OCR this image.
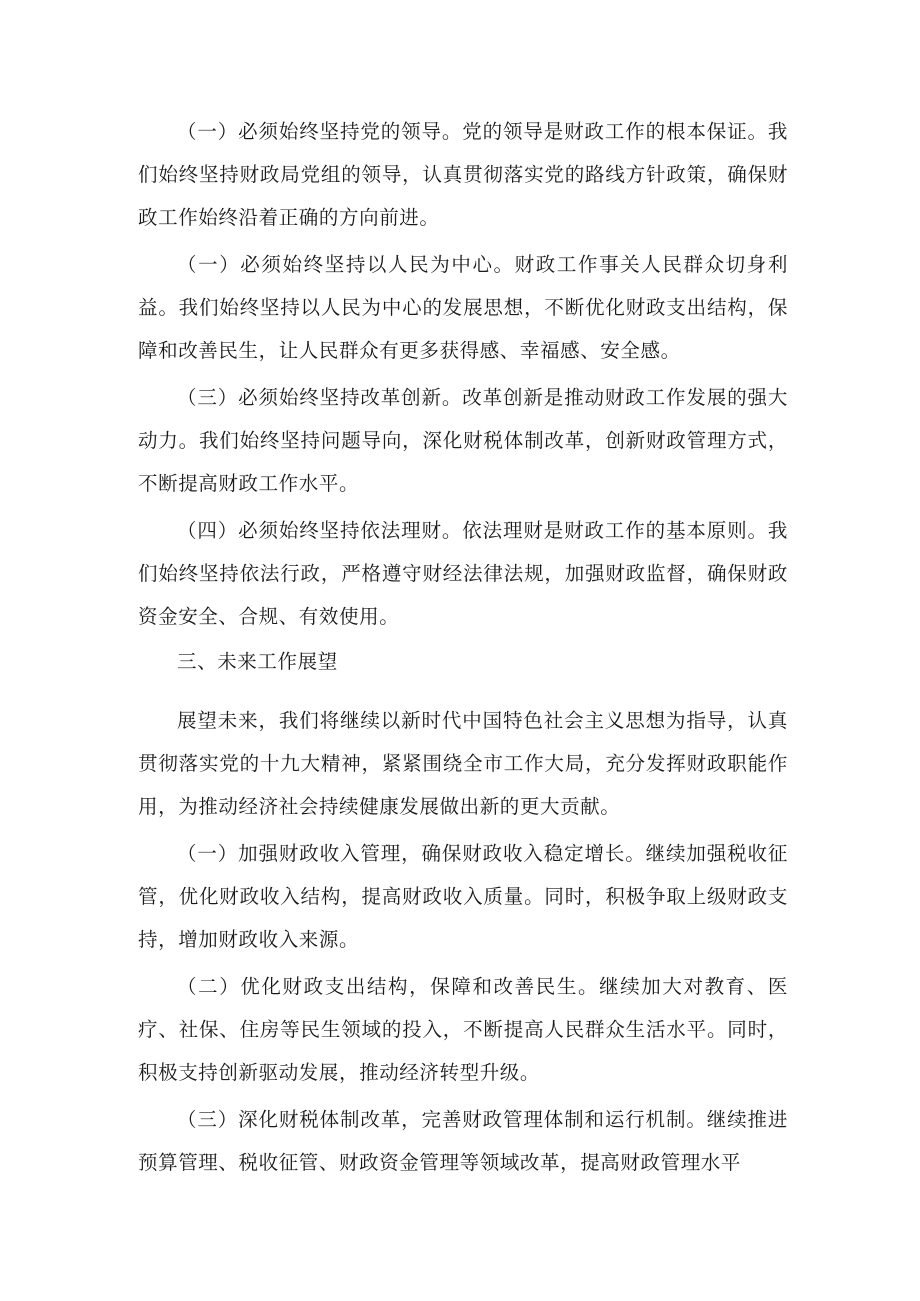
（一）必须始终坚持党的领导。党的领导是财政工作的根本保证。我们始终坚持财政局党组的领导，认真贯彻落实党的路线方针政策，确保财政工作始终沿着正确的方向前进。

（一）必须始终坚持以人民为中心。财政工作事关人民群众切身利益。我们始终坚持以人民为中心的发展思想，不断优化财政支出结构，保障和改善民生，让人民群众有更多获得感、幸福感、安全感。

（三）必须始终坚持改革创新。改革创新是推动财政工作发展的强大动力。我们始终坚持问题导向，深化财税体制改革，创新财政管理方式，不断提高财政工作水平。

（四）必须始终坚持依法理财。依法理财是财政工作的基本原则。我们始终坚持依法行政，严格遵守财经法律法规，加强财政监督，确保财政资金安全、合规、有效使用。

三、未来工作展望

展望未来，我们将继续以新时代中国特色社会主义思想为指导，认真贯彻落实党的十九大精神，紧紧围绕全市工作大局，充分发挥财政职能作用，为推动经济社会持续健康发展做出新的更大贡献。

（一）加强财政收入管理，确保财政收入稳定增长。继续加强税收征管，优化财政收入结构，提高财政收入质量。同时，积极争取上级财政支持，增加财政收入来源。

（二）优化财政支出结构，保障和改善民生。继续加大对教育、医疗、社保、住房等民生领域的投入，不断提高人民群众生活水平。同时，积极支持创新驱动发展，推动经济转型升级。

（三）深化财税体制改革，完善财政管理体制和运行机制。继续推进预算管理、税收征管、财政资金管理等领域改革，提高财政管理水平
